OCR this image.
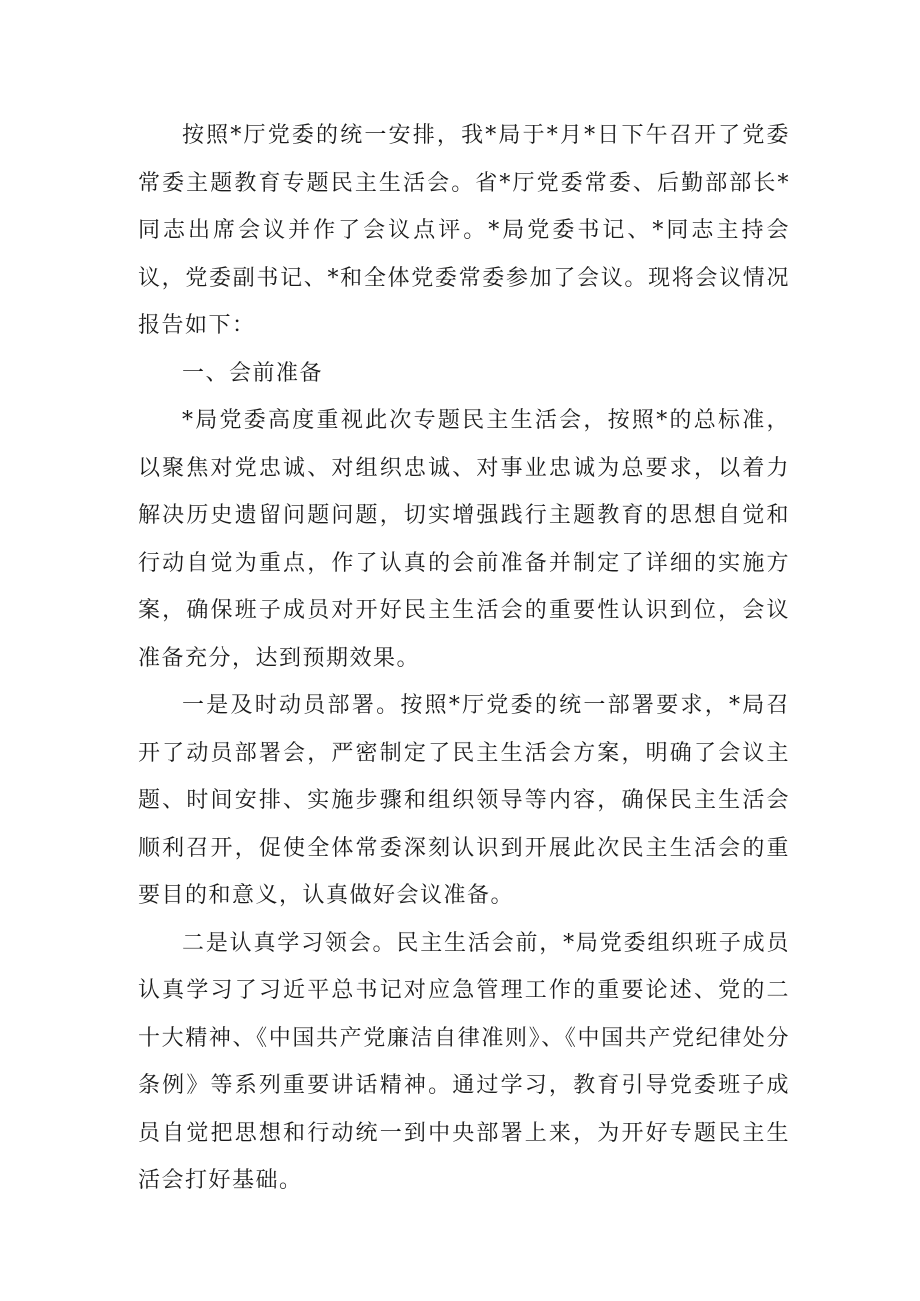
按照*厅党委的统一安排，我*局于*月*日下午召开了党委常委主题教育专题民主生活会。省*厅党委常委、后勤部部长*同志出席会议并作了会议点评。*局党委书记、*同志主持会议，党委副书记、*和全体党委常委参加了会议。现将会议情况报告如下：

一、会前准备

*局党委高度重视此次专题民主生活会，按照*的总标准，以聚焦对党忠诚、对组织忠诚、对事业忠诚为总要求，以着力解决历史遗留问题问题，切实增强践行主题教育的思想自觉和行动自觉为重点，作了认真的会前准备并制定了详细的实施方案，确保班子成员对开好民主生活会的重要性认识到位，会议准备充分，达到预期效果。

一是及时动员部署。按照*厅党委的统一部署要求，*局召开了动员部署会，严密制定了民主生活会方案，明确了会议主题、时间安排、实施步骤和组织领导等内容，确保民主生活会顺利召开，促使全体常委深刻认识到开展此次民主生活会的重要目的和意义，认真做好会议准备。

二是认真学习领会。民主生活会前，*局党委组织班子成员认真学习了习近平总书记对应急管理工作的重要论述、党的二十大精神、《中国共产党廉洁自律准则》、《中国共产党纪律处分条例》等系列重要讲话精神。通过学习，教育引导党委班子成员自觉把思想和行动统一到中央部署上来，为开好专题民主生活会打好基础。
